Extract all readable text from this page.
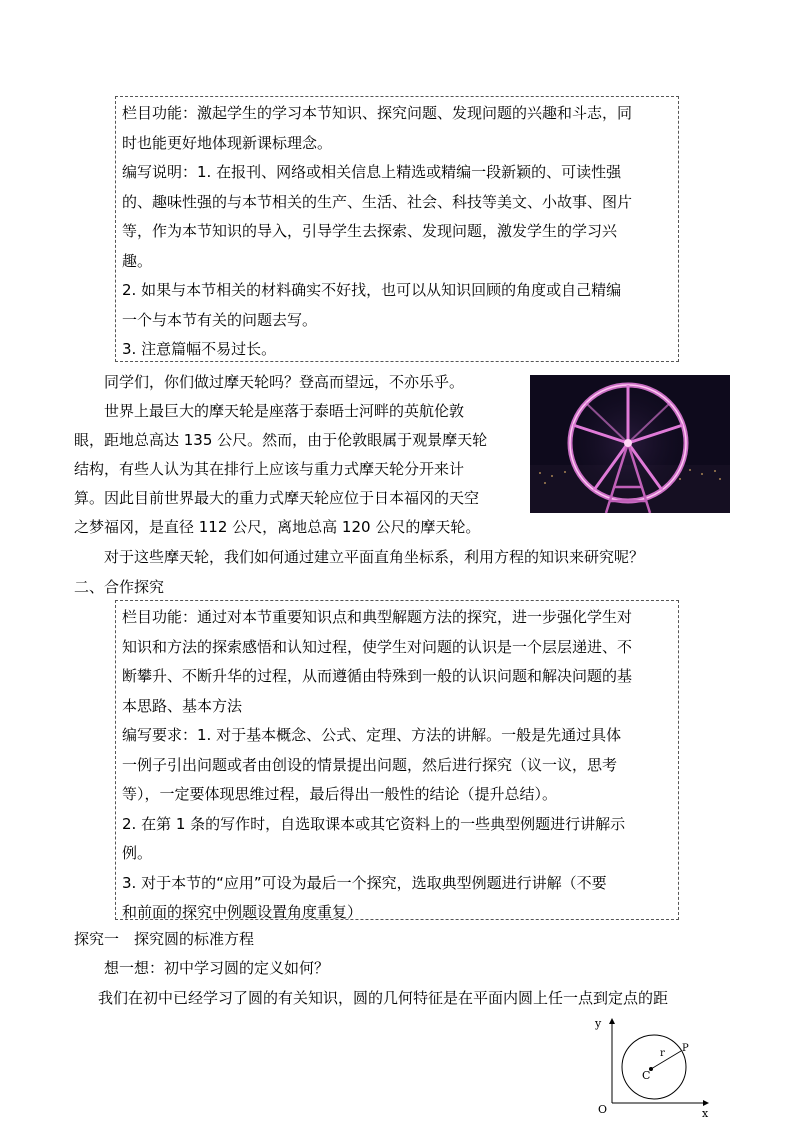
栏目功能：激起学生的学习本节知识、探究问题、发现问题的兴趣和斗志，同
时也能更好地体现新课标理念。
编写说明：1. 在报刊、网络或相关信息上精选或精编一段新颖的、可读性强
的、趣味性强的与本节相关的生产、生活、社会、科技等美文、小故事、图片
等，作为本节知识的导入，引导学生去探索、发现问题，激发学生的学习兴
趣。
2. 如果与本节相关的材料确实不好找，也可以从知识回顾的角度或自己精编
一个与本节有关的问题去写。
3. 注意篇幅不易过长。
同学们，你们做过摩天轮吗？登高而望远，不亦乐乎。
世界上最巨大的摩天轮是座落于泰晤士河畔的英航伦敦
眼，距地总高达 135 公尺。然而，由于伦敦眼属于观景摩天轮
结构，有些人认为其在排行上应该与重力式摩天轮分开来计
算。因此目前世界最大的重力式摩天轮应位于日本福冈的天空
之梦福冈，是直径 112 公尺，离地总高 120 公尺的摩天轮。
对于这些摩天轮，我们如何通过建立平面直角坐标系，利用方程的知识来研究呢？
二、合作探究
栏目功能：通过对本节重要知识点和典型解题方法的探究，进一步强化学生对
知识和方法的探索感悟和认知过程，使学生对问题的认识是一个层层递进、不
断攀升、不断升华的过程，从而遵循由特殊到一般的认识问题和解决问题的基
本思路、基本方法
编写要求：1. 对于基本概念、公式、定理、方法的讲解。一般是先通过具体
一例子引出问题或者由创设的情景提出问题，然后进行探究（议一议，思考
等），一定要体现思维过程，最后得出一般性的结论（提升总结）。
2. 在第 1 条的写作时，自选取课本或其它资料上的一些典型例题进行讲解示
例。
3. 对于本节的“应用”可设为最后一个探究，选取典型例题进行讲解（不要
和前面的探究中例题设置角度重复）
探究一　探究圆的标准方程
想一想：初中学习圆的定义如何？
我们在初中已经学习了圆的有关知识，圆的几何特征是在平面内圆上任一点到定点的距
y
x
O
C
r P
